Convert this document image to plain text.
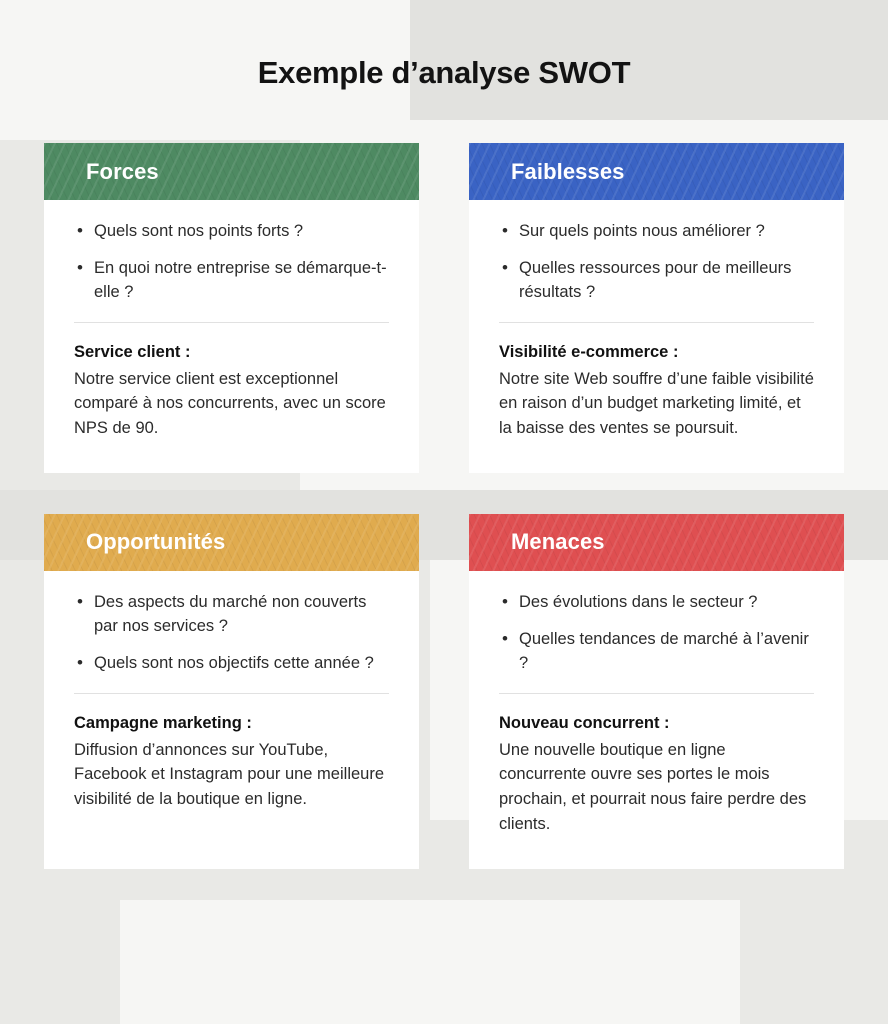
Exemple d’analyse SWOT
Forces
• Quels sont nos points forts ?
• En quoi notre entreprise se démarque-t-elle ?

Service client :

Notre service client est exceptionnel comparé à nos concurrents, avec un score NPS de 90.

Faiblesses
• Sur quels points nous améliorer ?
• Quelles ressources pour de meilleurs résultats ?

Visibilité e-commerce :

Notre site Web souffre d’une faible visibilité en raison d’un budget marketing limité, et la baisse des ventes se poursuit.

Opportunités
• Des aspects du marché non couverts par nos services ?
• Quels sont nos objectifs cette année ?

Campagne marketing :

Diffusion d’annonces sur YouTube, Facebook et Instagram pour une meilleure visibilité de la boutique en ligne.

Menaces
• Des évolutions dans le secteur ?
• Quelles tendances de marché à l’avenir ?

Nouveau concurrent :

Une nouvelle boutique en ligne concurrente ouvre ses portes le mois prochain, et pourrait nous faire perdre des clients.
